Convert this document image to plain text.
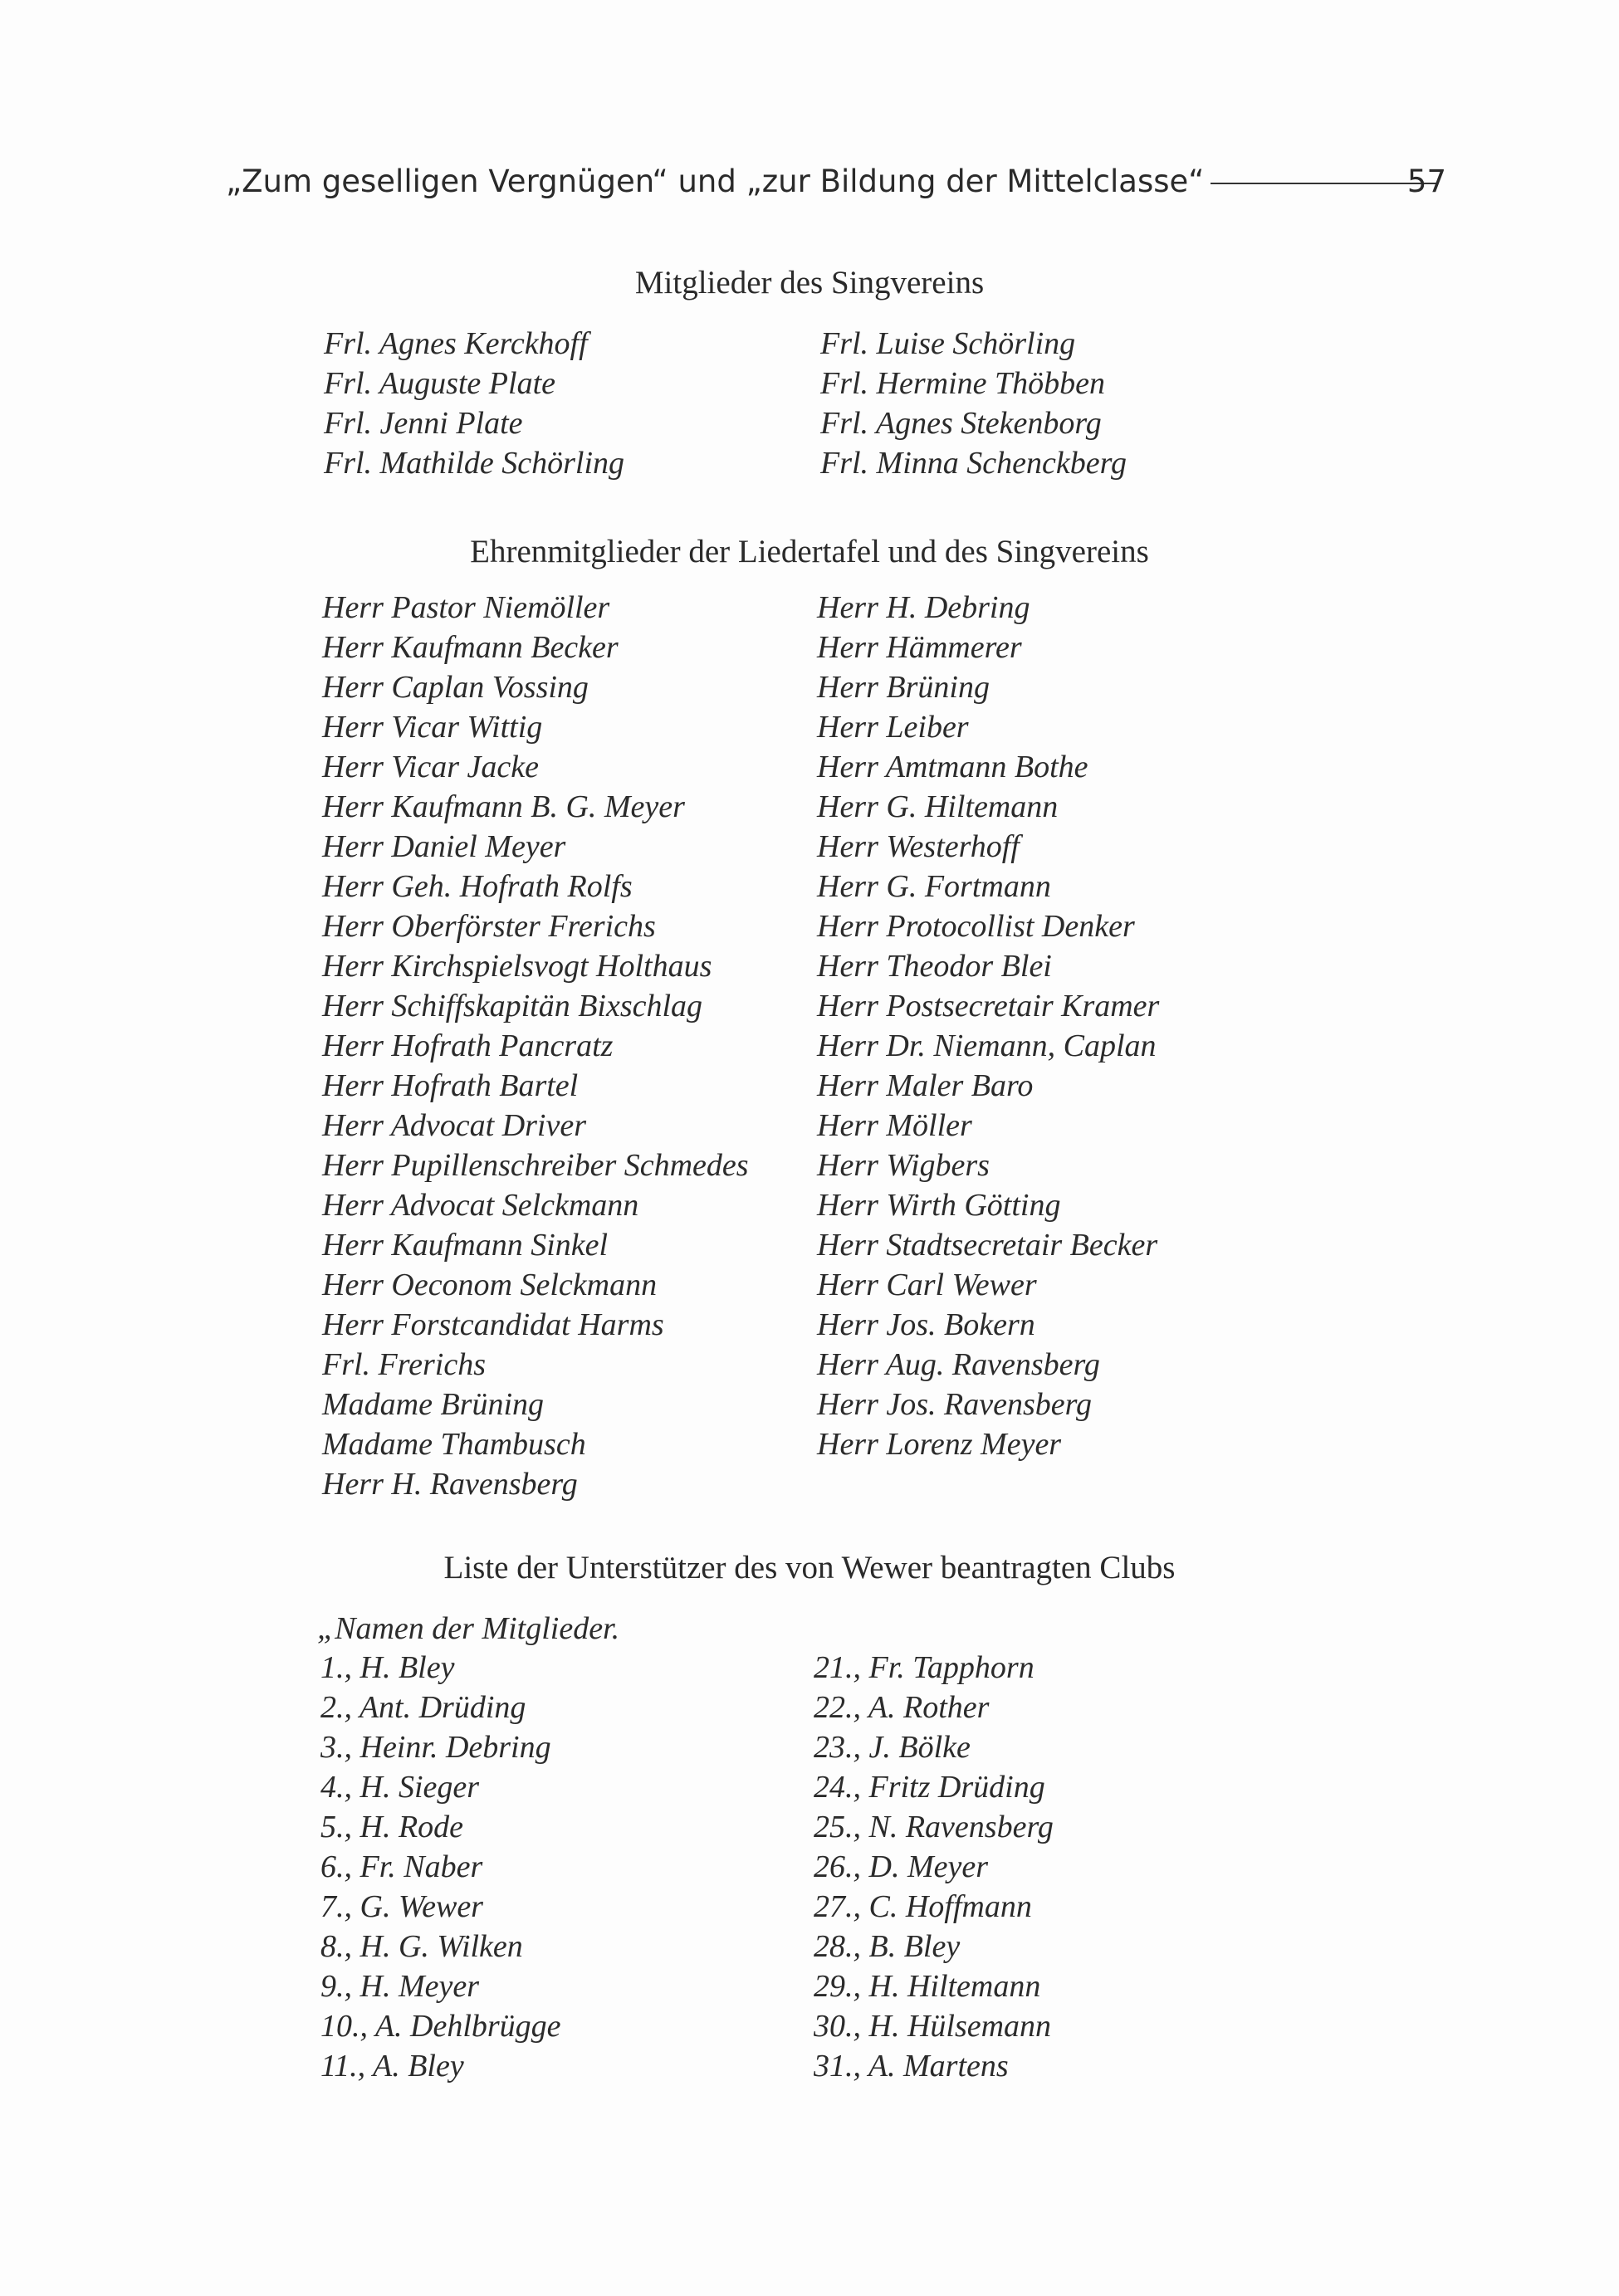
„Zum geselligen Vergnügen“ und „zur Bildung der Mittelclasse“	57
Mitglieder des Singvereins
Frl. Agnes Kerckhoff
Frl. Auguste Plate
Frl. Jenni Plate
Frl. Mathilde Schörling
Frl. Luise Schörling
Frl. Hermine Thöbben
Frl. Agnes Stekenborg
Frl. Minna Schenckberg
Ehrenmitglieder der Liedertafel und des Singvereins
Herr Pastor Niemöller
Herr Kaufmann Becker
Herr Caplan Vossing
Herr Vicar Wittig
Herr Vicar Jacke
Herr Kaufmann B. G. Meyer
Herr Daniel Meyer
Herr Geh. Hofrath Rolfs
Herr Oberförster Frerichs
Herr Kirchspielsvogt Holthaus
Herr Schiffskapitän Bixschlag
Herr Hofrath Pancratz
Herr Hofrath Bartel
Herr Advocat Driver
Herr Pupillenschreiber Schmedes
Herr Advocat Selckmann
Herr Kaufmann Sinkel
Herr Oeconom Selckmann
Herr Forstcandidat Harms
Frl. Frerichs
Madame Brüning
Madame Thambusch
Herr H. Ravensberg
Herr H. Debring
Herr Hämmerer
Herr Brüning
Herr Leiber
Herr Amtmann Bothe
Herr G. Hiltemann
Herr Westerhoff
Herr G. Fortmann
Herr Protocollist Denker
Herr Theodor Blei
Herr Postsecretair Kramer
Herr Dr. Niemann, Caplan
Herr Maler Baro
Herr Möller
Herr Wigbers
Herr Wirth Götting
Herr Stadtsecretair Becker
Herr Carl Wewer
Herr Jos. Bokern
Herr Aug. Ravensberg
Herr Jos. Ravensberg
Herr Lorenz Meyer
Liste der Unterstützer des von Wewer beantragten Clubs
„Namen der Mitglieder.
1., H. Bley
2., Ant. Drüding
3., Heinr. Debring
4., H. Sieger
5., H. Rode
6., Fr. Naber
7., G. Wewer
8., H. G. Wilken
9., H. Meyer
10., A. Dehlbrügge
11., A. Bley
21., Fr. Tapphorn
22., A. Rother
23., J. Bölke
24., Fritz Drüding
25., N. Ravensberg
26., D. Meyer
27., C. Hoffmann
28., B. Bley
29., H. Hiltemann
30., H. Hülsemann
31., A. Martens
